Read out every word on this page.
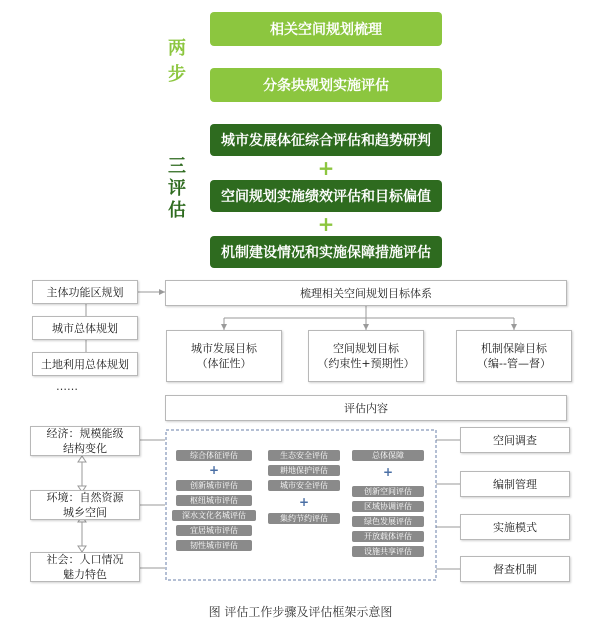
两
步
三
评
估
相关空间规划梳理
分条块规划实施评估
城市发展体征综合评估和趋势研判
+
空间规划实施绩效评估和目标偏值
+
机制建设情况和实施保障措施评估
主体功能区规划
城市总体规划
土地利用总体规划
……
梳理相关空间规划目标体系
城市发展目标
（体征性）
空间规划目标
（约束性+预期性）
机制保障目标
（编--管—督）
评估内容
经济：规模能级
结构变化
环境：自然资源
城乡空间
社会：人口情况
魅力特色
空间调查
编制管理
实施模式
督查机制
综合体征评估
+
创新城市评估
枢纽城市评估
深水文化名城评估
宜居城市评估
韧性城市评估
生态安全评估
耕地保护评估
城市安全评估
+
集约节约评估
总体保障
+
创新空间评估
区域协调评估
绿色发展评估
开放载体评估
设施共享评估
图 评估工作步骤及评估框架示意图
